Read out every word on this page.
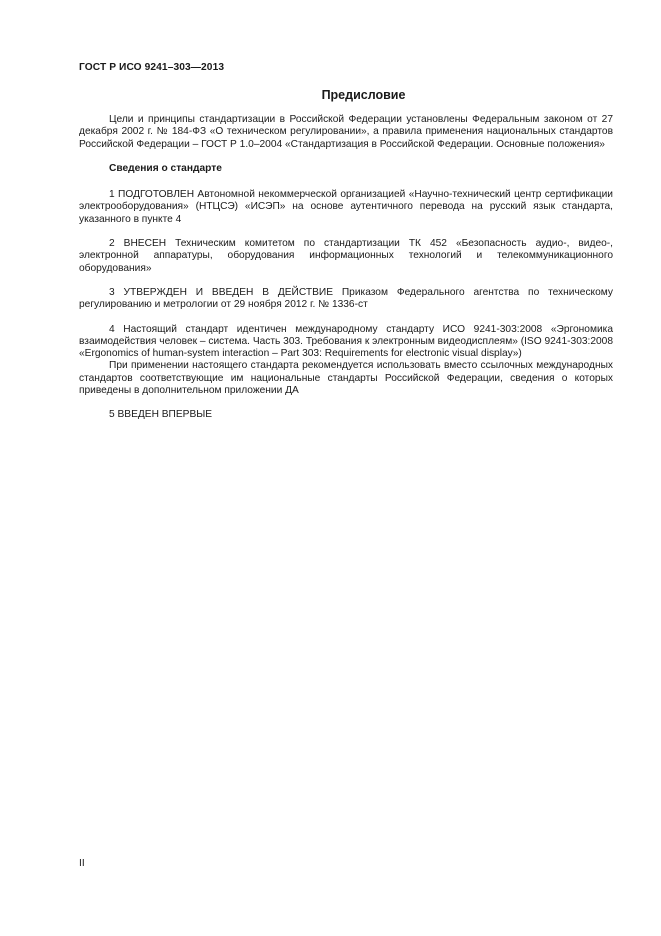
ГОСТ Р ИСО 9241–303—2013
Предисловие

Цели и принципы стандартизации в Российской Федерации установлены Федеральным законом от 27 декабря 2002 г. № 184-ФЗ «О техническом регулировании», а правила применения национальных стандартов Российской Федерации – ГОСТ Р 1.0–2004 «Стандартизация в Российской Федерации. Основные положения»

Сведения о стандарте

1 ПОДГОТОВЛЕН Автономной некоммерческой организацией «Научно-технический центр сертификации электрооборудования» (НТЦСЭ) «ИСЭП» на основе аутентичного перевода на русский язык стандарта, указанного в пункте 4

2 ВНЕСЕН Техническим комитетом по стандартизации ТК 452 «Безопасность аудио-, видео-, электронной аппаратуры, оборудования информационных технологий и телекоммуникационного оборудования»

3 УТВЕРЖДЕН И ВВЕДЕН В ДЕЙСТВИЕ Приказом Федерального агентства по техническому регулированию и метрологии от 29 ноября 2012 г. № 1336-ст

4 Настоящий стандарт идентичен международному стандарту ИСО 9241-303:2008 «Эргономика взаимодействия человек – система. Часть 303. Требования к электронным видеодисплеям» (ISO 9241-303:2008 «Ergonomics of human-system interaction – Part 303: Requirements for electronic visual display»)

При применении настоящего стандарта рекомендуется использовать вместо ссылочных международных стандартов соответствующие им национальные стандарты Российской Федерации, сведения о которых приведены в дополнительном приложении ДА

5 ВВЕДЕН ВПЕРВЫЕ

II
